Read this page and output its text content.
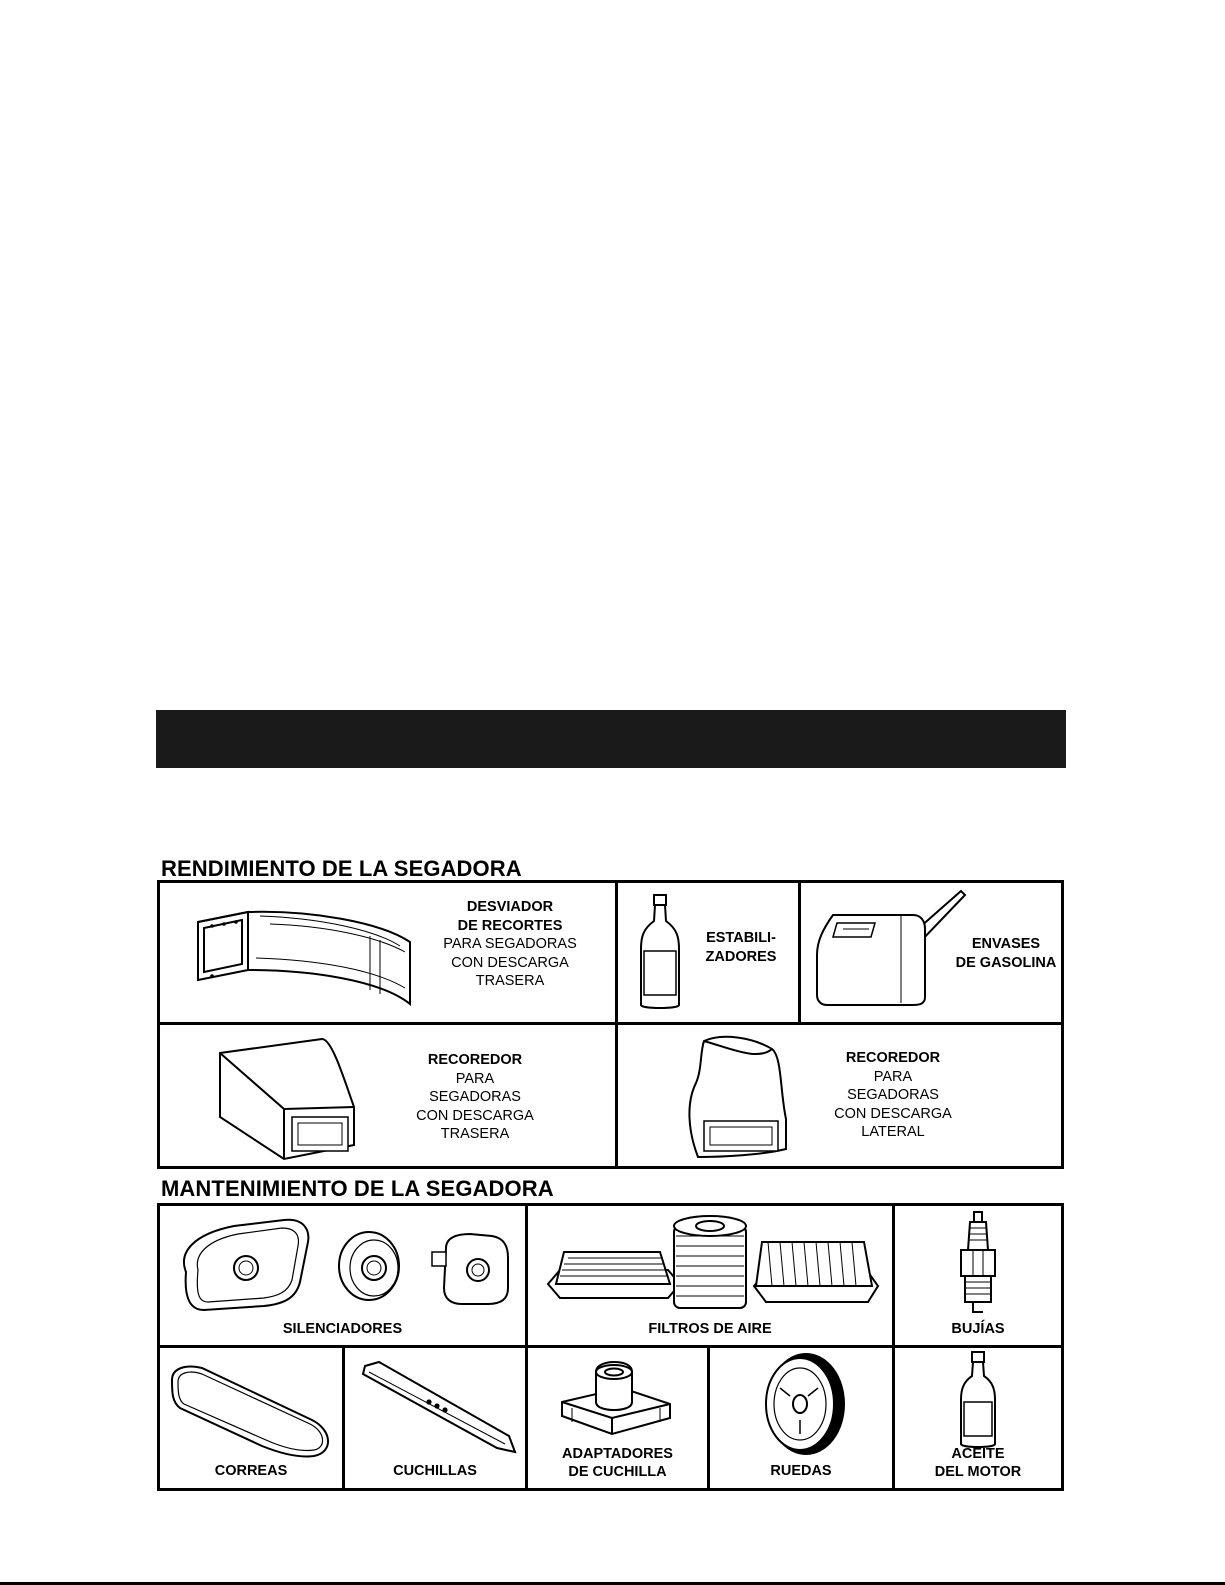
RENDIMIENTO DE LA SEGADORA
DESVIADOR
DE RECORTES
PARA SEGADORAS
CON DESCARGA
TRASERA
ESTABILI-
ZADORES
ENVASES
DE GASOLINA
RECOREDOR
PARA
SEGADORAS
CON DESCARGA
TRASERA
RECOREDOR
PARA
SEGADORAS
CON DESCARGA
LATERAL
MANTENIMIENTO DE LA SEGADORA
SILENCIADORES	FILTROS DE AIRE	BUJÍAS
CORREAS	CUCHILLAS
ADAPTADORES
DE CUCHILLA	RUEDAS
ACEITE
DEL MOTOR
